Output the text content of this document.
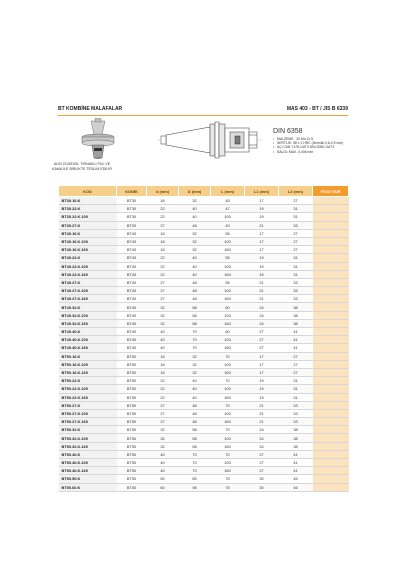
BT KOMBİNE MALAFALAR	MAS 403 - BT / JIS B 6339
ALIN CIVATASI, TIRNAKLI PUL VE
KAMA İLE BİRLİKTE TESLİM EDİLİR
DIN 6358
• MALZEME : 20 Mn Cr 5
• SERTLİK: 58 ± 2 HRC (Derinlik 0,6-0,9 mm)
• AÇI: DIN 7178-1/AT3 DIN 2080-1/AT3
• SALGI: MAX. 0,006 mm
KOD	KONİK	d (mm)	D (mm)	L (mm)	L1 (mm)	L2 (mm)	FİYAT EUR
BT30.16.K	BT30	16	32	45	17	27	
BT30.22.K	BT30	22	40	47	19	31	
BT30.22.K.100	BT30	22	40	100	19	31	
BT30.27.K	BT30	27	48	49	21	33	
BT40.16.K	BT40	16	32	55	17	27	
BT40.16.K.100	BT40	16	32	100	17	27	
BT40.16.K.160	BT40	16	32	160	17	27	
BT40.22.K	BT40	22	40	55	19	31	
BT40.22.K.100	BT40	22	40	100	19	31	
BT40.22.K.160	BT40	22	40	160	19	31	
BT40.27.K	BT40	27	48	55	21	33	
BT40.27.K.100	BT40	27	48	100	21	33	
BT40.27.K.160	BT40	27	48	160	21	33	
BT40.32.K	BT40	32	58	60	24	38	
BT40.32.K.100	BT40	32	58	100	24	38	
BT40.32.K.160	BT40	32	58	160	24	38	
BT40.40.K	BT40	40	70	60	27	41	
BT40.40.K.100	BT40	40	70	100	27	41	
BT40.40.K.160	BT40	40	70	160	27	41	
BT50.16.K	BT50	16	32	70	17	27	
BT50.16.K.100	BT50	16	32	100	17	27	
BT50.16.K.160	BT50	16	32	160	17	27	
BT50.22.K	BT50	22	40	70	19	31	
BT50.22.K.100	BT50	22	40	100	19	31	
BT50.22.K.160	BT50	22	40	160	19	31	
BT50.27.K	BT50	27	48	70	21	33	
BT50.27.K.100	BT50	27	48	100	21	33	
BT50.27.K.160	BT50	27	48	160	21	33	
BT50.32.K	BT50	32	58	70	24	38	
BT50.32.K.100	BT50	32	58	100	24	38	
BT50.32.K.160	BT50	32	58	160	24	38	
BT50.40.K	BT50	40	70	70	27	41	
BT50.40.K.100	BT50	40	70	100	27	41	
BT50.40.K.160	BT50	40	70	160	27	41	
BT50.50.K	BT50	50	85	75	30	45	
BT50.60.K	BT50	60	98	75	30	45	
